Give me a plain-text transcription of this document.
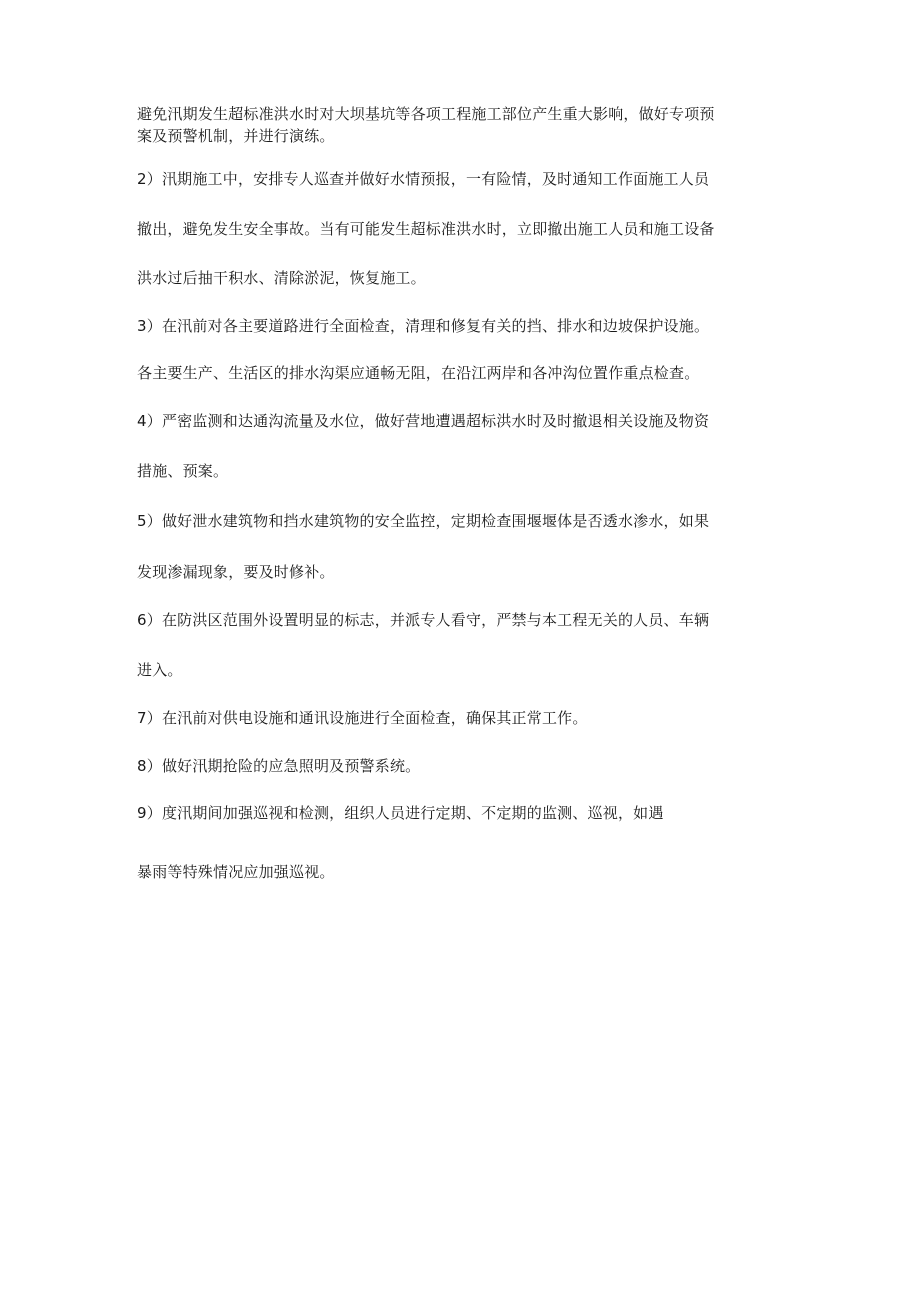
避免汛期发生超标准洪水时对大坝基坑等各项工程施工部位产生重大影响，做好专项预
案及预警机制，并进行演练。
2）汛期施工中，安排专人巡查并做好水情预报，一有险情，及时通知工作面施工人员
撤出，避免发生安全事故。当有可能发生超标准洪水时，立即撤出施工人员和施工设备
洪水过后抽干积水、清除淤泥，恢复施工。
3）在汛前对各主要道路进行全面检查，清理和修复有关的挡、排水和边坡保护设施。
各主要生产、生活区的排水沟渠应通畅无阻，在沿江两岸和各冲沟位置作重点检查。
4）严密监测和达通沟流量及水位，做好营地遭遇超标洪水时及时撤退相关设施及物资
措施、预案。
5）做好泄水建筑物和挡水建筑物的安全监控，定期检查围堰堰体是否透水渗水，如果
发现渗漏现象，要及时修补。
6）在防洪区范围外设置明显的标志，并派专人看守，严禁与本工程无关的人员、车辆
进入。
7）在汛前对供电设施和通讯设施进行全面检查，确保其正常工作。
8）做好汛期抢险的应急照明及预警系统。
9）度汛期间加强巡视和检测，组织人员进行定期、不定期的监测、巡视，如遇
暴雨等特殊情况应加强巡视。
